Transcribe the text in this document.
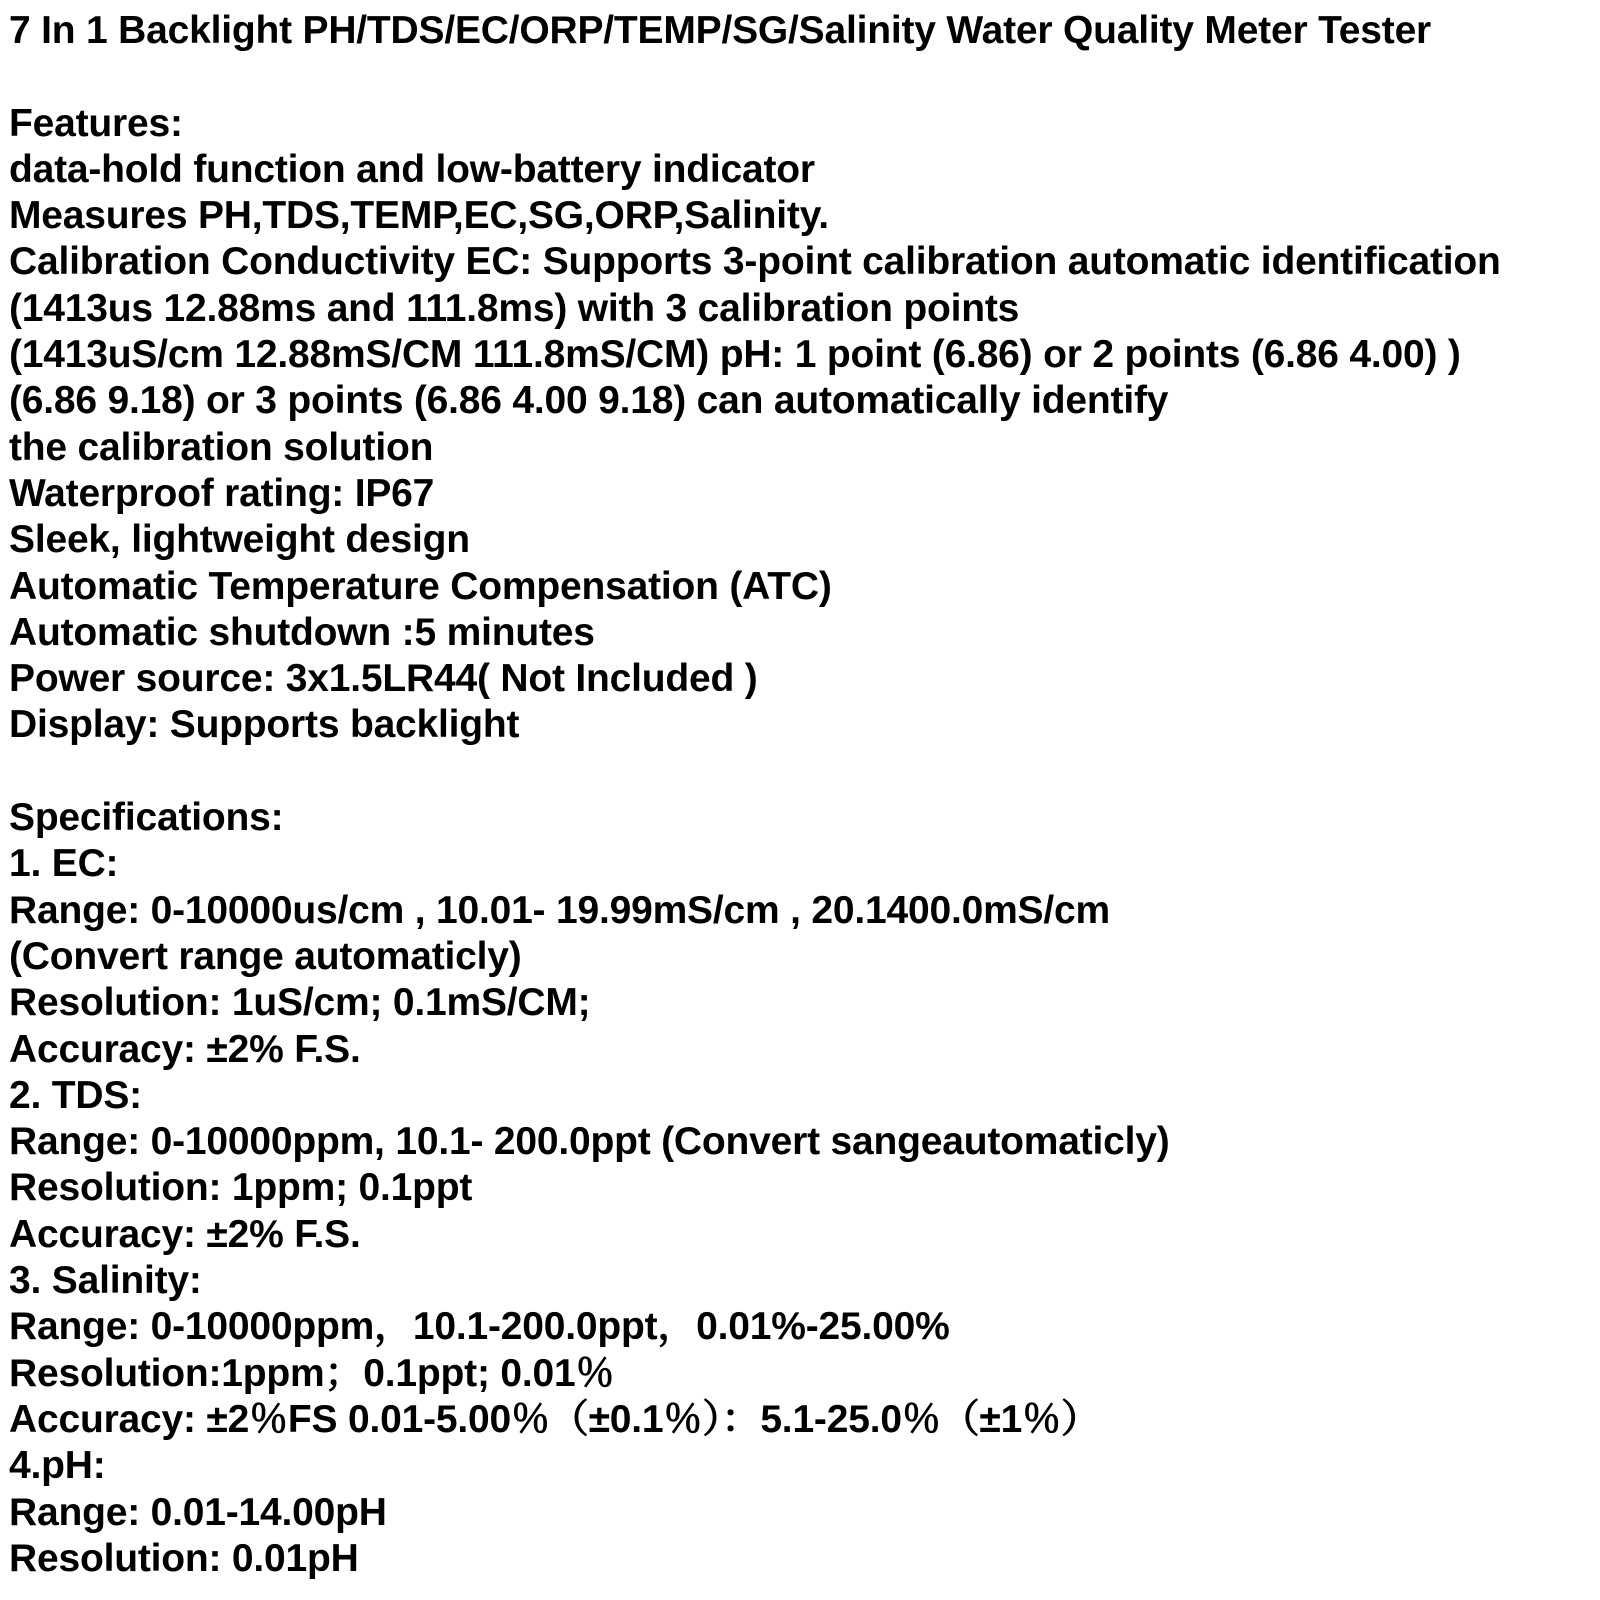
7 In 1 Backlight PH/TDS/EC/ORP/TEMP/SG/Salinity Water Quality Meter Tester
Features:
data-hold function and low-battery indicator
Measures PH,TDS,TEMP,EC,SG,ORP,Salinity.
Calibration Conductivity EC: Supports 3-point calibration automatic identification
(1413us 12.88ms and 111.8ms) with 3 calibration points
(1413uS/cm 12.88mS/CM 111.8mS/CM) pH: 1 point (6.86) or 2 points (6.86 4.00) )
(6.86 9.18) or 3 points (6.86 4.00 9.18) can automatically identify
the calibration solution
Waterproof rating: IP67
Sleek, lightweight design
Automatic Temperature Compensation (ATC)
Automatic shutdown :5 minutes
Power source: 3x1.5LR44( Not Included )
Display: Supports backlight
Specifications:
1. EC:
Range: 0-10000us/cm , 10.01- 19.99mS/cm , 20.1400.0mS/cm
(Convert range automaticly)
Resolution: 1uS/cm; 0.1mS/CM;
Accuracy: ±2% F.S.
2. TDS:
Range: 0-10000ppm, 10.1- 200.0ppt (Convert sangeautomaticly)
Resolution: 1ppm; 0.1ppt
Accuracy: ±2% F.S.
3. Salinity:
Range: 0-10000ppm，10.1-200.0ppt，0.01%-25.00%
Resolution:1ppm；0.1ppt; 0.01％
Accuracy: ±2％FS 0.01-5.00％（±0.1％）：5.1-25.0％（±1％）
4.pH:
Range: 0.01-14.00pH
Resolution: 0.01pH
